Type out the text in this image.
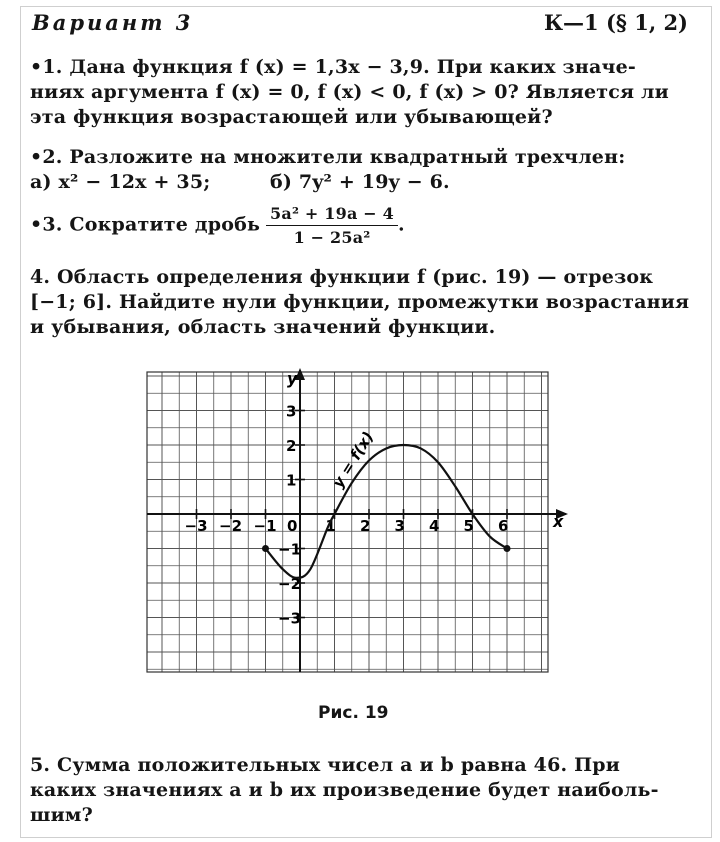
Вариант 3	К—1 (§ 1, 2)
•1. Дана функция f (x) = 1,3x − 3,9. При каких значе-
ниях аргумента f (x) = 0, f (x) < 0, f (x) > 0? Является ли
эта функция возрастающей или убывающей?
•2. Разложите на множители квадратный трехчлен:
а) x² − 12x + 35;	б) 7y² + 19y − 6.
•3. Сократите дробь $\frac{\text{5a² + 19a − 4}}{\text{1 − 25a²}}$ .
4. Область определения функции f (рис. 19) — отрезок
[−1; 6]. Найдите нули функции, промежутки возрастания
и убывания, область значений функции.
−3 −2 −1	1 2 3 4 5 6
3
2
1
−1
−2
−3
y = f(x)
x
y
0
Рис. 19
5. Сумма положительных чисел a и b равна 46. При
каких значениях a и b их произведение будет наиболь-
шим?
